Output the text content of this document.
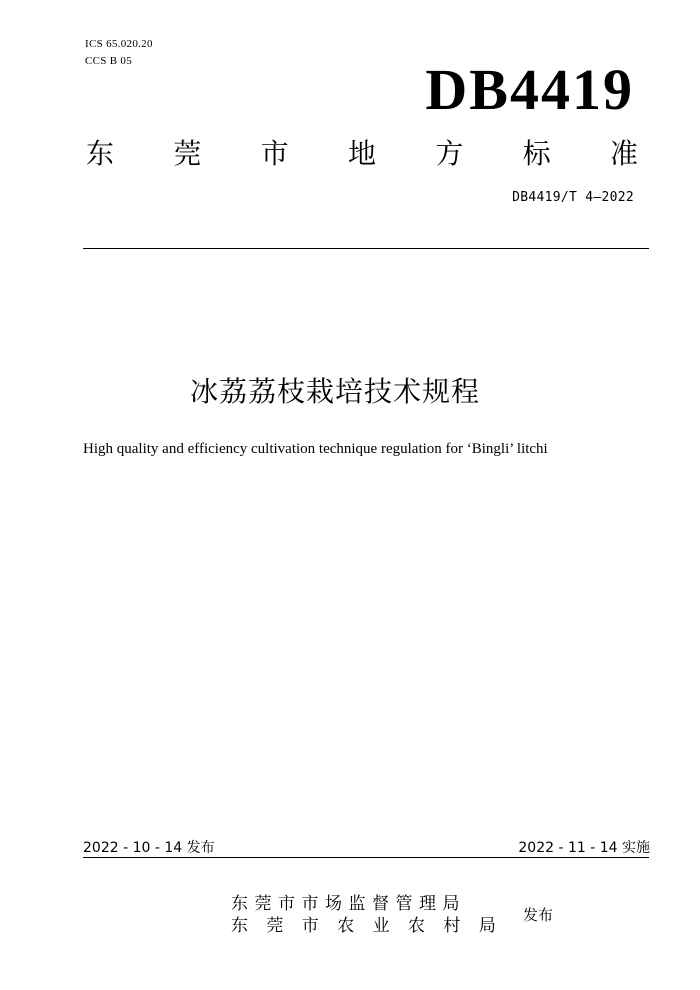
ICS 65.020.20
CCS B 05	DB4419
东 莞 市 地 方 标 准
DB4419/T 4—2022
冰荔荔枝栽培技术规程
High quality and efficiency cultivation technique regulation for ‘Bingli’ litchi
2022 - 10 - 14 发布	2022 - 11 - 14 实施
东莞市市场监督管理局
东 莞 市 农 业 农 村 局
发布
